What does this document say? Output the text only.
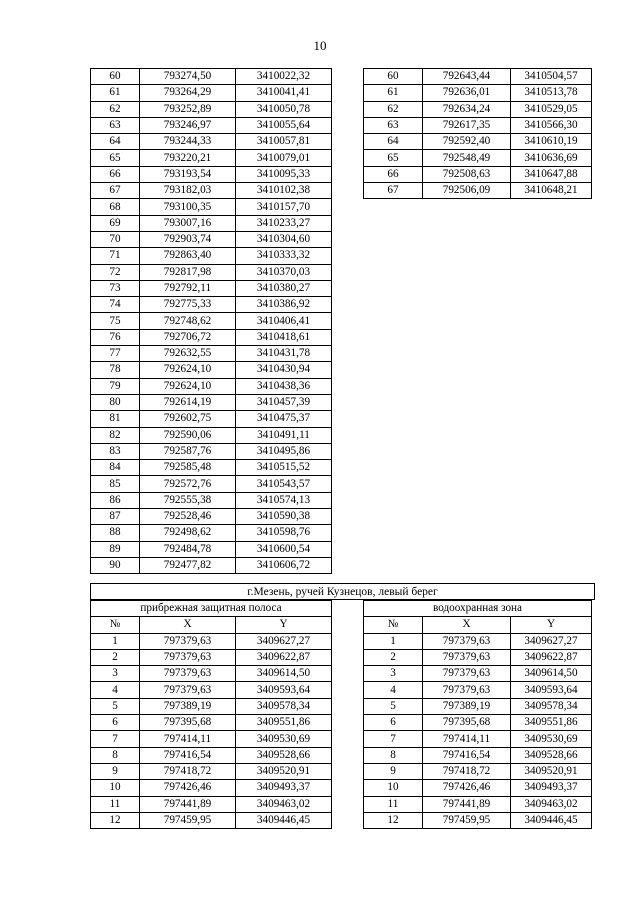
10
60	793274,50	3410022,32
61	793264,29	3410041,41
62	793252,89	3410050,78
63	793246,97	3410055,64
64	793244,33	3410057,81
65	793220,21	3410079,01
66	793193,54	3410095,33
67	793182,03	3410102,38
68	793100,35	3410157,70
69	793007,16	3410233,27
70	792903,74	3410304,60
71	792863,40	3410333,32
72	792817,98	3410370,03
73	792792,11	3410380,27
74	792775,33	3410386,92
75	792748,62	3410406,41
76	792706,72	3410418,61
77	792632,55	3410431,78
78	792624,10	3410430,94
79	792624,10	3410438,36
80	792614,19	3410457,39
81	792602,75	3410475,37
82	792590,06	3410491,11
83	792587,76	3410495,86
84	792585,48	3410515,52
85	792572,76	3410543,57
86	792555,38	3410574,13
87	792528,46	3410590,38
88	792498,62	3410598,76
89	792484,78	3410600,54
90	792477,82	3410606,72
60	792643,44	3410504,57
61	792636,01	3410513,78
62	792634,24	3410529,05
63	792617,35	3410566,30
64	792592,40	3410610,19
65	792548,49	3410636,69
66	792508,63	3410647,88
67	792506,09	3410648,21
г.Мезень, ручей Кузнецов, левый берег
прибрежная защитная полоса		
№	X	Y
1	797379,63	3409627,27
2	797379,63	3409622,87
3	797379,63	3409614,50
4	797379,63	3409593,64
5	797389,19	3409578,34
6	797395,68	3409551,86
7	797414,11	3409530,69
8	797416,54	3409528,66
9	797418,72	3409520,91
10	797426,46	3409493,37
11	797441,89	3409463,02
12	797459,95	3409446,45
водоохранная зона		
№	X	Y
1	797379,63	3409627,27
2	797379,63	3409622,87
3	797379,63	3409614,50
4	797379,63	3409593,64
5	797389,19	3409578,34
6	797395,68	3409551,86
7	797414,11	3409530,69
8	797416,54	3409528,66
9	797418,72	3409520,91
10	797426,46	3409493,37
11	797441,89	3409463,02
12	797459,95	3409446,45
